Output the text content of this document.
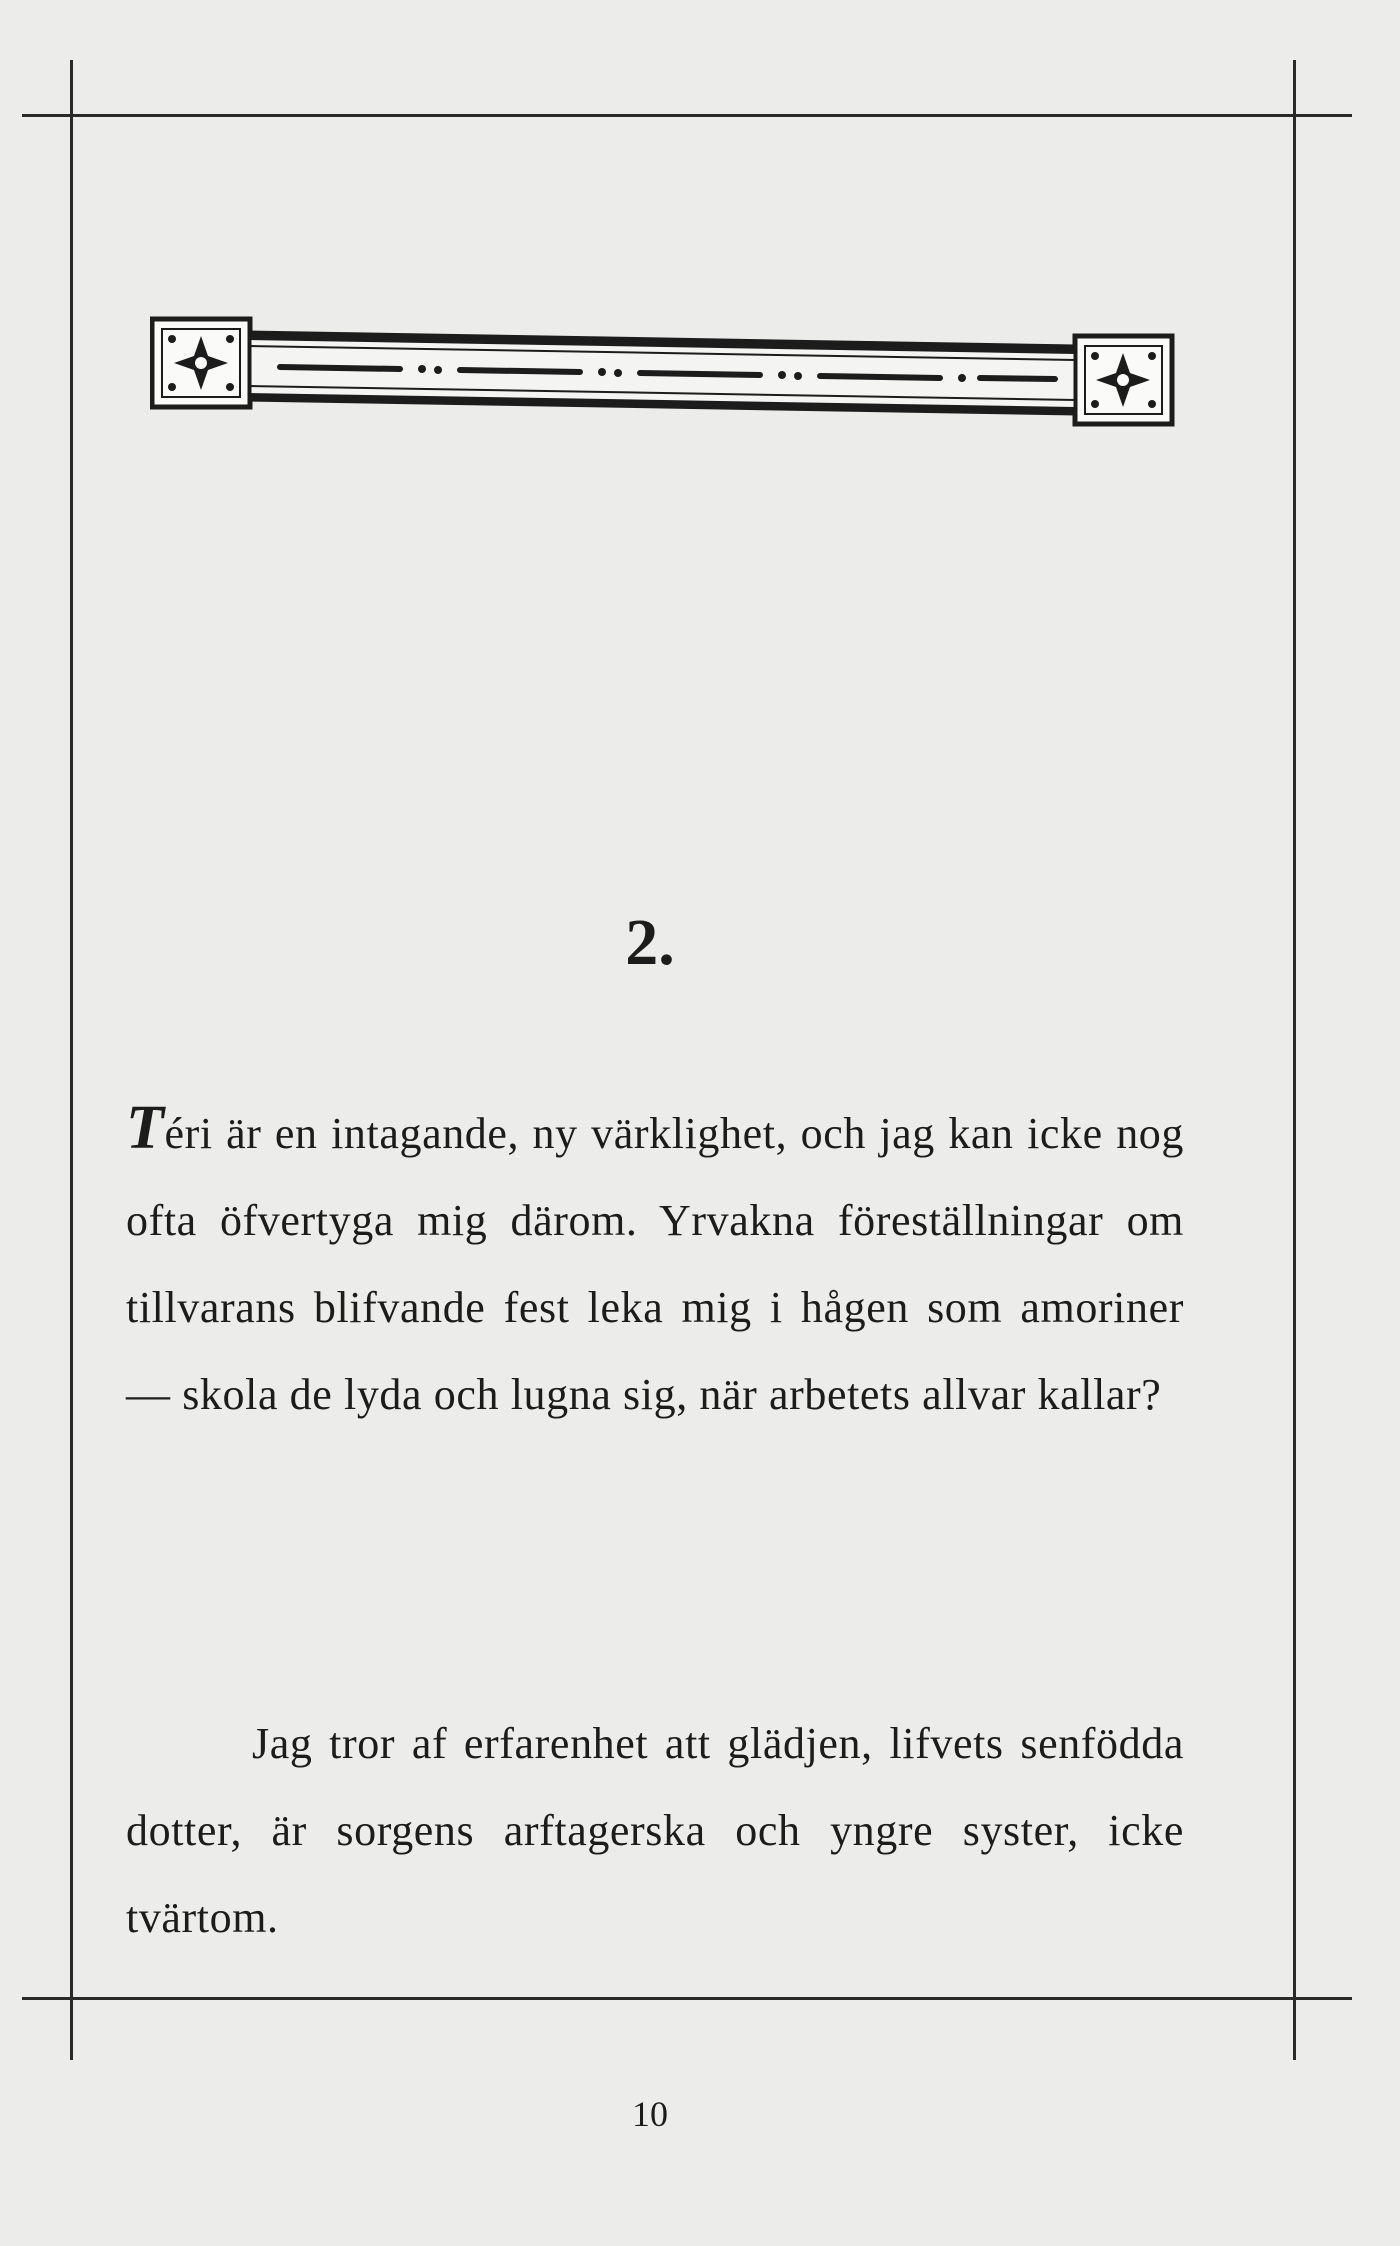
2.

Téri är en intagande, ny värklighet, och jag kan icke nog ofta öfvertyga mig därom. Yrvakna föreställningar om tillvarans blifvande fest leka mig i hågen som amoriner — skola de lyda och lugna sig, när arbetets allvar kallar?

Jag tror af erfarenhet att glädjen, lifvets senfödda dotter, är sorgens arftagerska och yngre syster, icke tvärtom.

10
